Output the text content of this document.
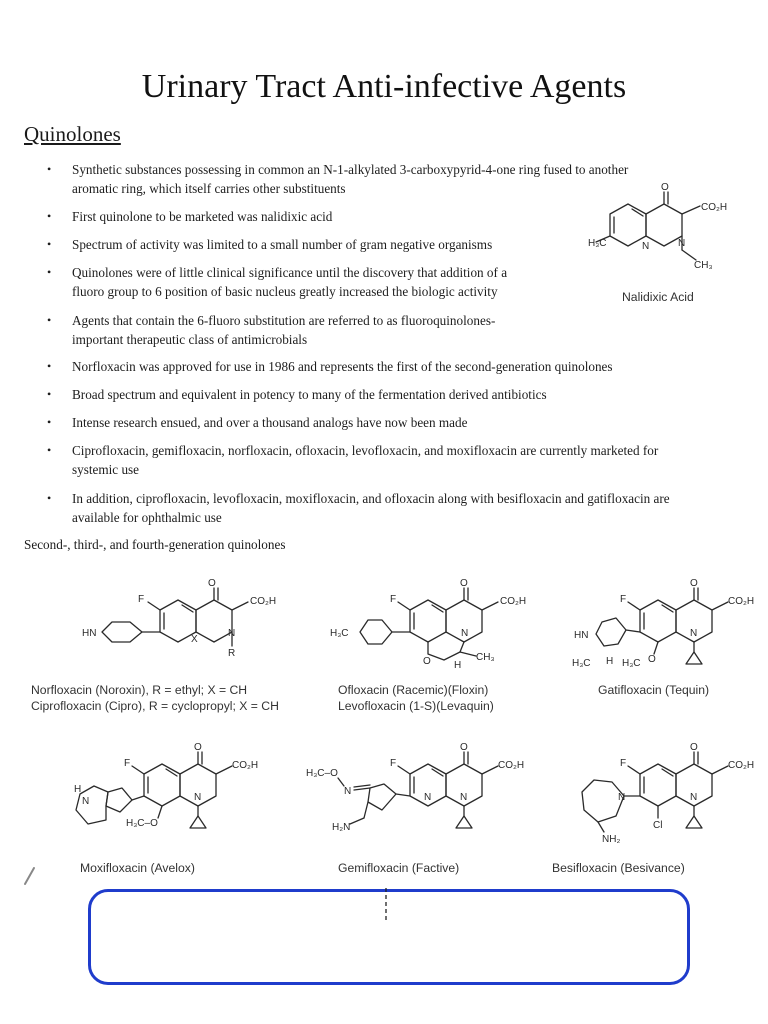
Urinary Tract Anti-infective Agents
Quinolones
• Synthetic substances possessing in common an N-1-alkylated 3-carboxypyrid-4-one ring fused to another
aromatic ring, which itself carries other substituents
• First quinolone to be marketed was nalidixic acid
• Spectrum of activity was limited to a small number of gram negative organisms
• Quinolones were of little clinical significance until the discovery that addition of a
fluoro group to 6 position of basic nucleus greatly increased the biologic activity
• Agents that contain the 6-fluoro substitution are referred to as fluoroquinolones-
important therapeutic class of antimicrobials
• Norfloxacin was approved for use in 1986 and represents the first of the second-generation quinolones
• Broad spectrum and equivalent in potency to many of the fermentation derived antibiotics
• Intense research ensued, and over a thousand analogs have now been made
• Ciprofloxacin, gemifloxacin, norfloxacin, ofloxacin, levofloxacin, and moxifloxacin are currently marketed for
systemic use
• In addition, ciprofloxacin, levofloxacin, moxifloxacin, and ofloxacin along with besifloxacin and gatifloxacin are
available for ophthalmic use
O
CO₂H
H₃C	N	N
CH₃

Nalidixic Acid

Second-, third-, and fourth-generation quinolones

O
CO₂H
F
HN
X
N
R

Norfloxacin (Noroxin), R = ethyl; X = CH

Ciprofloxacin (Cipro), R = cyclopropyl; X = CH

O
CO₂H
F
H₃C	N
O	CH₃
H

Ofloxacin (Racemic)(Floxin)

Levofloxacin (1-S)(Levaquin)

O
CO₂H
F
HN
H₃C H H₃C O
N

Gatifloxacin (Tequin)

O
CO₂H
F
H
N
H₃C–O
N

Moxifloxacin (Avelox)

O
CO₂H
F
H₃C–O
N
H₂N
N	N

Gemifloxacin (Factive)

O
CO₂H
F
N
NH₂
Cl
N

Besifloxacin (Besivance)
